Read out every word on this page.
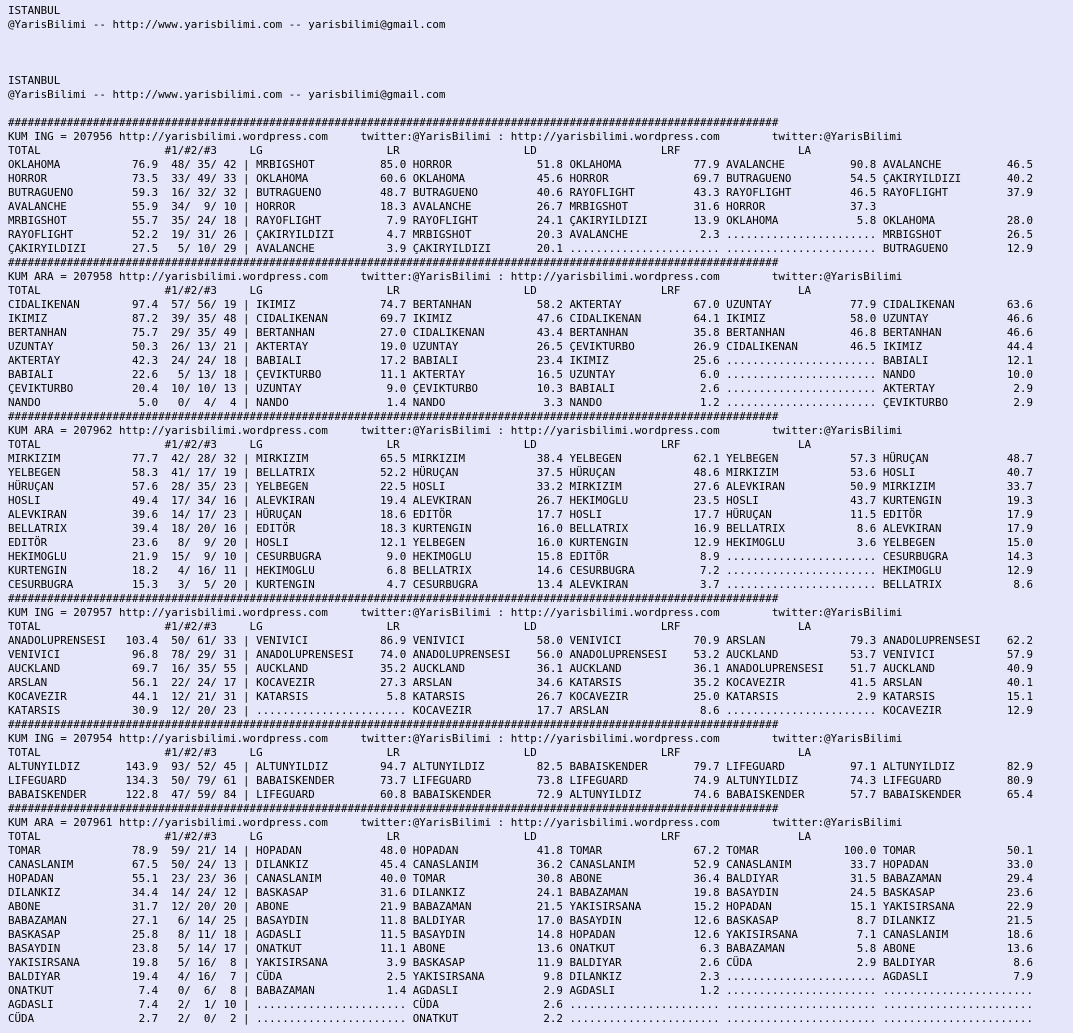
ISTANBUL
@YarisBilimi -- http://www.yarisbilimi.com -- yarisbilimi@gmail.com
ISTANBUL
@YarisBilimi -- http://www.yarisbilimi.com -- yarisbilimi@gmail.com
######################################################################################################################
KUM ING = 207956 http://yarisbilimi.wordpress.com     twitter:@YarisBilimi : http://yarisbilimi.wordpress.com        twitter:@YarisBilimi
TOTAL                   #1/#2/#3     LG                   LR                   LD                   LRF                  LA
OKLAHOMA           76.9  48/ 35/ 42 | MRBIGSHOT          85.0 HORROR             51.8 OKLAHOMA           77.9 AVALANCHE          90.8 AVALANCHE          46.5
HORROR             73.5  33/ 49/ 33 | OKLAHOMA           60.6 OKLAHOMA           45.6 HORROR             69.7 BUTRAGUENO         54.5 ÇAKIRYILDIZI       40.2
BUTRAGUENO         59.3  16/ 32/ 32 | BUTRAGUENO         48.7 BUTRAGUENO         40.6 RAYOFLIGHT         43.3 RAYOFLIGHT         46.5 RAYOFLIGHT         37.9
AVALANCHE          55.9  34/  9/ 10 | HORROR             18.3 AVALANCHE          26.7 MRBIGSHOT          31.6 HORROR             37.3
MRBIGSHOT          55.7  35/ 24/ 18 | RAYOFLIGHT          7.9 RAYOFLIGHT         24.1 ÇAKIRYILDIZI       13.9 OKLAHOMA            5.8 OKLAHOMA           28.0
RAYOFLIGHT         52.2  19/ 31/ 26 | ÇAKIRYILDIZI        4.7 MRBIGSHOT          20.3 AVALANCHE           2.3 ....................... MRBIGSHOT          26.5
ÇAKIRYILDIZI       27.5   5/ 10/ 29 | AVALANCHE           3.9 ÇAKIRYILDIZI       20.1 ....................... ....................... BUTRAGUENO         12.9
######################################################################################################################
KUM ARA = 207958 http://yarisbilimi.wordpress.com     twitter:@YarisBilimi : http://yarisbilimi.wordpress.com        twitter:@YarisBilimi
TOTAL                   #1/#2/#3     LG                   LR                   LD                   LRF                  LA
CIDALIKENAN        97.4  57/ 56/ 19 | IKIMIZ             74.7 BERTANHAN          58.2 AKTERTAY           67.0 UZUNTAY            77.9 CIDALIKENAN        63.6
IKIMIZ             87.2  39/ 35/ 48 | CIDALIKENAN        69.7 IKIMIZ             47.6 CIDALIKENAN        64.1 IKIMIZ             58.0 UZUNTAY            46.6
BERTANHAN          75.7  29/ 35/ 49 | BERTANHAN          27.0 CIDALIKENAN        43.4 BERTANHAN          35.8 BERTANHAN          46.8 BERTANHAN          46.6
UZUNTAY            50.3  26/ 13/ 21 | AKTERTAY           19.0 UZUNTAY            26.5 ÇEVIKTURBO         26.9 CIDALIKENAN        46.5 IKIMIZ             44.4
AKTERTAY           42.3  24/ 24/ 18 | BABIALI            17.2 BABIALI            23.4 IKIMIZ             25.6 ....................... BABIALI            12.1
BABIALI            22.6   5/ 13/ 18 | ÇEVIKTURBO         11.1 AKTERTAY           16.5 UZUNTAY             6.0 ....................... NANDO              10.0
ÇEVIKTURBO         20.4  10/ 10/ 13 | UZUNTAY             9.0 ÇEVIKTURBO         10.3 BABIALI             2.6 ....................... AKTERTAY            2.9
NANDO               5.0   0/  4/  4 | NANDO               1.4 NANDO               3.3 NANDO               1.2 ....................... ÇEVIKTURBO          2.9
######################################################################################################################
KUM ARA = 207962 http://yarisbilimi.wordpress.com     twitter:@YarisBilimi : http://yarisbilimi.wordpress.com        twitter:@YarisBilimi
TOTAL                   #1/#2/#3     LG                   LR                   LD                   LRF                  LA
MIRKIZIM           77.7  42/ 28/ 32 | MIRKIZIM           65.5 MIRKIZIM           38.4 YELBEGEN           62.1 YELBEGEN           57.3 HÜRUÇAN            48.7
YELBEGEN           58.3  41/ 17/ 19 | BELLATRIX          52.2 HÜRUÇAN            37.5 HÜRUÇAN            48.6 MIRKIZIM           53.6 HOSLI              40.7
HÜRUÇAN            57.6  28/ 35/ 23 | YELBEGEN           22.5 HOSLI              33.2 MIRKIZIM           27.6 ALEVKIRAN          50.9 MIRKIZIM           33.7
HOSLI              49.4  17/ 34/ 16 | ALEVKIRAN          19.4 ALEVKIRAN          26.7 HEKIMOGLU          23.5 HOSLI              43.7 KURTENGIN          19.3
ALEVKIRAN          39.6  14/ 17/ 23 | HÜRUÇAN            18.6 EDITÖR             17.7 HOSLI              17.7 HÜRUÇAN            11.5 EDITÖR             17.9
BELLATRIX          39.4  18/ 20/ 16 | EDITÖR             18.3 KURTENGIN          16.0 BELLATRIX          16.9 BELLATRIX           8.6 ALEVKIRAN          17.9
EDITÖR             23.6   8/  9/ 20 | HOSLI              12.1 YELBEGEN           16.0 KURTENGIN          12.9 HEKIMOGLU           3.6 YELBEGEN           15.0
HEKIMOGLU          21.9  15/  9/ 10 | CESURBUGRA          9.0 HEKIMOGLU          15.8 EDITÖR              8.9 ....................... CESURBUGRA         14.3
KURTENGIN          18.2   4/ 16/ 11 | HEKIMOGLU           6.8 BELLATRIX          14.6 CESURBUGRA          7.2 ....................... HEKIMOGLU          12.9
CESURBUGRA         15.3   3/  5/ 20 | KURTENGIN           4.7 CESURBUGRA         13.4 ALEVKIRAN           3.7 ....................... BELLATRIX           8.6
######################################################################################################################
KUM ING = 207957 http://yarisbilimi.wordpress.com     twitter:@YarisBilimi : http://yarisbilimi.wordpress.com        twitter:@YarisBilimi
TOTAL                   #1/#2/#3     LG                   LR                   LD                   LRF                  LA
ANADOLUPRENSESI   103.4  50/ 61/ 33 | VENIVICI           86.9 VENIVICI           58.0 VENIVICI           70.9 ARSLAN             79.3 ANADOLUPRENSESI    62.2
VENIVICI           96.8  78/ 29/ 31 | ANADOLUPRENSESI    74.0 ANADOLUPRENSESI    56.0 ANADOLUPRENSESI    53.2 AUCKLAND           53.7 VENIVICI           57.9
AUCKLAND           69.7  16/ 35/ 55 | AUCKLAND           35.2 AUCKLAND           36.1 AUCKLAND           36.1 ANADOLUPRENSESI    51.7 AUCKLAND           40.9
ARSLAN             56.1  22/ 24/ 17 | KOCAVEZIR          27.3 ARSLAN             34.6 KATARSIS           35.2 KOCAVEZIR          41.5 ARSLAN             40.1
KOCAVEZIR          44.1  12/ 21/ 31 | KATARSIS            5.8 KATARSIS           26.7 KOCAVEZIR          25.0 KATARSIS            2.9 KATARSIS           15.1
KATARSIS           30.9  12/ 20/ 23 | ....................... KOCAVEZIR          17.7 ARSLAN              8.6 ....................... KOCAVEZIR          12.9
######################################################################################################################
KUM ING = 207954 http://yarisbilimi.wordpress.com     twitter:@YarisBilimi : http://yarisbilimi.wordpress.com        twitter:@YarisBilimi
TOTAL                   #1/#2/#3     LG                   LR                   LD                   LRF                  LA
ALTUNYILDIZ       143.9  93/ 52/ 45 | ALTUNYILDIZ        94.7 ALTUNYILDIZ        82.5 BABAISKENDER       79.7 LIFEGUARD          97.1 ALTUNYILDIZ        82.9
LIFEGUARD         134.3  50/ 79/ 61 | BABAISKENDER       73.7 LIFEGUARD          73.8 LIFEGUARD          74.9 ALTUNYILDIZ        74.3 LIFEGUARD          80.9
BABAISKENDER      122.8  47/ 59/ 84 | LIFEGUARD          60.8 BABAISKENDER       72.9 ALTUNYILDIZ        74.6 BABAISKENDER       57.7 BABAISKENDER       65.4
######################################################################################################################
KUM ARA = 207961 http://yarisbilimi.wordpress.com     twitter:@YarisBilimi : http://yarisbilimi.wordpress.com        twitter:@YarisBilimi
TOTAL                   #1/#2/#3     LG                   LR                   LD                   LRF                  LA
TOMAR              78.9  59/ 21/ 14 | HOPADAN            48.0 HOPADAN            41.8 TOMAR              67.2 TOMAR             100.0 TOMAR              50.1
CANASLANIM         67.5  50/ 24/ 13 | DILANKIZ           45.4 CANASLANIM         36.2 CANASLANIM         52.9 CANASLANIM         33.7 HOPADAN            33.0
HOPADAN            55.1  23/ 23/ 36 | CANASLANIM         40.0 TOMAR              30.8 ABONE              36.4 BALDIYAR           31.5 BABAZAMAN          29.4
DILANKIZ           34.4  14/ 24/ 12 | BASKASAP           31.6 DILANKIZ           24.1 BABAZAMAN          19.8 BASAYDIN           24.5 BASKASAP           23.6
ABONE              31.7  12/ 20/ 20 | ABONE              21.9 BABAZAMAN          21.5 YAKISIRSANA        15.2 HOPADAN            15.1 YAKISIRSANA        22.9
BABAZAMAN          27.1   6/ 14/ 25 | BASAYDIN           11.8 BALDIYAR           17.0 BASAYDIN           12.6 BASKASAP            8.7 DILANKIZ           21.5
BASKASAP           25.8   8/ 11/ 18 | AGDASLI            11.5 BASAYDIN           14.8 HOPADAN            12.6 YAKISIRSANA         7.1 CANASLANIM         18.6
BASAYDIN           23.8   5/ 14/ 17 | ONATKUT            11.1 ABONE              13.6 ONATKUT             6.3 BABAZAMAN           5.8 ABONE              13.6
YAKISIRSANA        19.8   5/ 16/  8 | YAKISIRSANA         3.9 BASKASAP           11.9 BALDIYAR            2.6 CÜDA                2.9 BALDIYAR            8.6
BALDIYAR           19.4   4/ 16/  7 | CÜDA                2.5 YAKISIRSANA         9.8 DILANKIZ            2.3 ....................... AGDASLI             7.9
ONATKUT             7.4   0/  6/  8 | BABAZAMAN           1.4 AGDASLI             2.9 AGDASLI             1.2 ....................... .......................
AGDASLI             7.4   2/  1/ 10 | ....................... CÜDA                2.6 ....................... ....................... .......................
CÜDA                2.7   2/  0/  2 | ....................... ONATKUT             2.2 ....................... ....................... .......................
